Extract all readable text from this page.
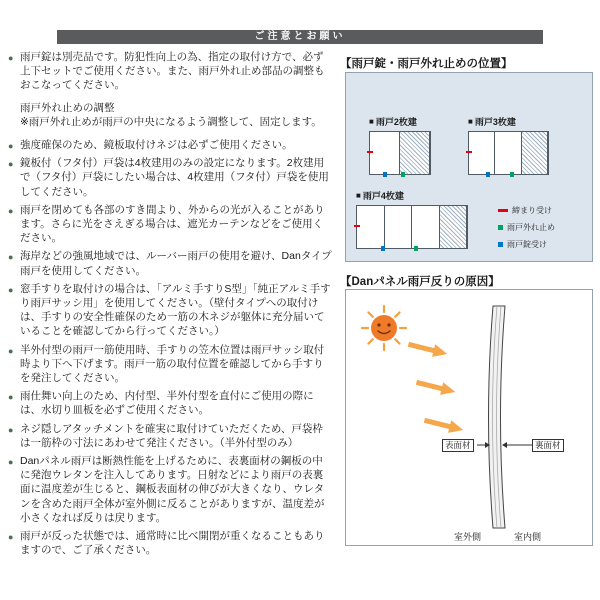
ご注意とお願い
● 雨戸錠は別売品です。防犯性向上の為、指定の取付け方で、必ず上下セットでご使用ください。また、雨戸外れ止め部品の調整もおこなってください。
雨戸外れ止めの調整
※雨戸外れ止めが雨戸の中央になるよう調整して、固定します。
● 強度確保のため、鏡板取付けネジは必ずご使用ください。
● 鏡板付（フタ付）戸袋は4枚建用のみの設定になります。2枚建用で（フタ付）戸袋にしたい場合は、4枚建用（フタ付）戸袋を使用してください。
● 雨戸を閉めても各部のすき間より、外からの光が入ることがあります。さらに光をさえぎる場合は、遮光カーテンなどをご使用ください。
● 海岸などの強風地域では、ルーバー雨戸の使用を避け、Danタイプ雨戸を使用してください。
● 窓手すりを取付けの場合は、「アルミ手すりS型」「純正アルミ手すり雨戸サッシ用」を使用してください。（壁付タイプへの取付けは、手すりの安全性確保のため一筋の木ネジが躯体に充分届いていることを確認してから行ってください。）
● 半外付型の雨戸一筋使用時、手すりの笠木位置は雨戸サッシ取付時より下へ下げます。雨戸一筋の取付位置を確認してから手すりを発注してください。
● 雨仕舞い向上のため、内付型、半外付型を直付にご使用の際には、水切り皿板を必ずご使用ください。
● ネジ隠しアタッチメントを確実に取付けていただくため、戸袋枠は一筋枠の寸法にあわせて発注ください。（半外付型のみ）
● Danパネル雨戸は断熱性能を上げるために、表裏面材の鋼板の中に発泡ウレタンを注入してあります。日射などにより雨戸の表裏面に温度差が生じると、鋼板表面材の伸びが大きくなり、ウレタンを含めた雨戸全体が室外側に反ることがありますが、温度差が小さくなれば反りは戻ります。
● 雨戸が反った状態では、通常時に比べ開閉が重くなることもありますので、ご了承ください。
【雨戸錠・雨戸外れ止めの位置】
■ 雨戸2枚建	■ 雨戸3枚建
■ 雨戸4枚建
締まり受け
雨戸外れ止め
雨戸錠受け
【Danパネル雨戸反りの原因】
表面材	裏面材
室外側	室内側
